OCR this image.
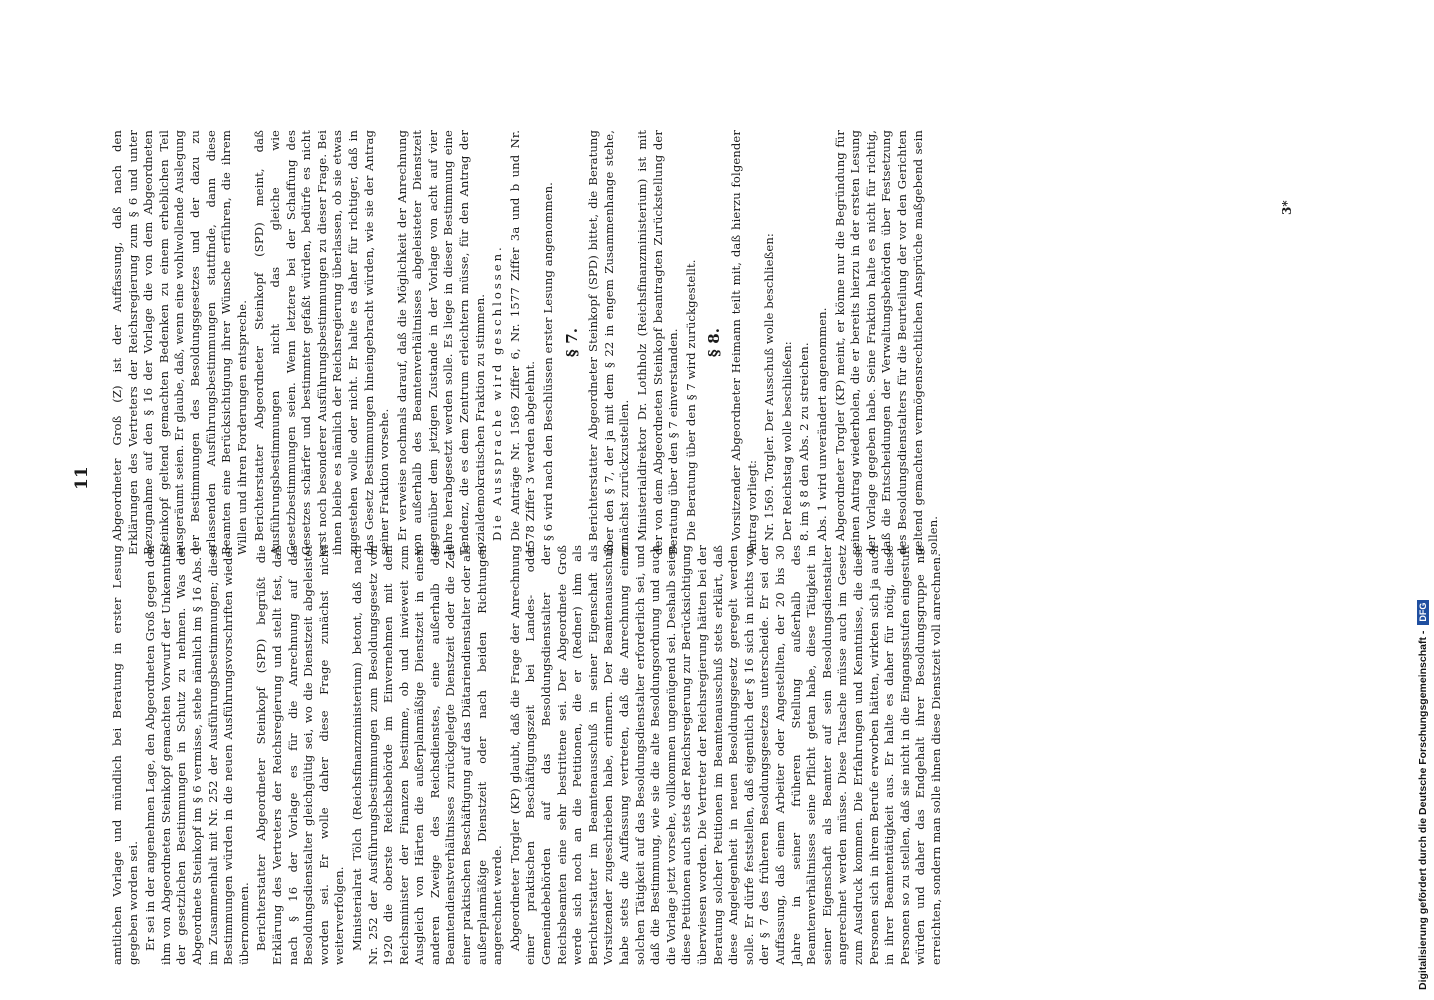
amtlichen Vorlage und mündlich bei Beratung in erster Lesung gegeben worden sei. Er sei in der angenehmen Lage, den Abgeordneten Groß gegen den ihm von Abgeordneten Steinkopf gemachten Vorwurf der Unkenntnis der gesetzlichen Bestimmungen in Schutz zu nehmen. Was der Abgeordnete Steinkopf im § 6 vermisse, stehe nämlich im § 16 Abs. 1 im Zusammenhalt mit Nr. 252 der Ausführungsbestimmungen; diese Bestimmungen würden in die neuen Ausführungsvorschriften wieder übernommen. Berichterstatter Abgeordneter Steinkopf (SPD) begrüßt die Erklärung des Vertreters der Reichsregierung und stellt fest, daß nach § 16 der Vorlage es für die Anrechnung auf das Besoldungsdienstalter gleichgültig sei, wo die Dienstzeit abgeleistet worden sei. Er wolle daher diese Frage zunächst nicht weiterverfolgen. Ministerialrat Tölch (Reichsfinanzministerium) betont, daß nach Nr. 252 der Ausführungsbestimmungen zum Besoldungsgesetz von 1920 die oberste Reichsbehörde im Einvernehmen mit dem Reichsminister der Finanzen bestimme, ob und inwieweit zum Ausgleich von Härten die außerplanmäßige Dienstzeit in einem anderen Zweige des Reichsdienstes, eine außerhalb des Beamtendienstverhältnisses zurückgelegte Dienstzeit oder die Zeit einer praktischen Beschäftigung auf das Diätariendienstalter oder als außerplanmäßige Dienstzeit oder nach beiden Richtungen angerechnet werde. Abgeordneter Torgler (KP) glaubt, daß die Frage der Anrechnung einer praktischen Beschäftigungszeit bei Landes- oder Gemeindebehörden auf das Besoldungsdienstalter der Reichsbeamten eine sehr bestrittene sei. Der Abgeordnete Groß werde sich noch an die Petitionen, die er (Redner) ihm als Berichterstatter im Beamtenausschuß in seiner Eigenschaft als Vorsitzender zugeschrieben habe, erinnern. Der Beamtenausschuß habe stets die Auffassung vertreten, daß die Anrechnung einer solchen Tätigkeit auf das Besoldungsdienstalter erforderlich sei, und daß die Bestimmung, wie sie die alte Besoldungsordnung und auch die Vorlage jetzt vorsehe, vollkommen ungenügend sei. Deshalb seien diese Petitionen auch stets der Reichsregierung zur Berücksichtigung überwiesen worden. Die Vertreter der Reichsregierung hätten bei der Beratung solcher Petitionen im Beamtenausschuß stets erklärt, daß diese Angelegenheit in neuen Besoldungsgesetz geregelt werden solle. Er dürfe feststellen, daß eigentlich der § 16 sich in nichts von der § 7 des früheren Besoldungsgesetzes unterscheide. Er sei der Auffassung, daß einem Arbeiter oder Angestellten, der 20 bis 30 Jahre in seiner früheren Stellung außerhalb des Beamtenverhältnisses seine Pflicht getan habe, diese Tätigkeit in seiner Eigenschaft als Beamter auf sein Besoldungsdienstalter angerechnet werden müsse. Diese Tatsache müsse auch im Gesetz zum Ausdruck kommen. Die Erfahrungen und Kenntnisse, die diese Personen sich in ihrem Berufe erworben hätten, wirkten sich ja auch in ihrer Beamtentätigkeit aus. Er halte es daher für nötig, diese Personen so zu stellen, daß sie nicht in die Eingangsstufen eingestuft würden und daher das Endgehalt ihrer Besoldungsgruppe nie erreichten, sondern man solle ihnen diese Dienstzeit voll anrechnen.

Abgeordneter Groß (Z) ist der Auffassung, daß nach den Erklärungen des Vertreters der Reichsregierung zum § 6 und unter Bezugnahme auf den § 16 der Vorlage die von dem Abgeordneten Steinkopf geltend gemachten Bedenken zu einem erheblichen Teil ausgeräumt seien. Er glaube, daß, wenn eine wohlwollende Auslegung der Bestimmungen des Besoldungsgesetzes und der dazu zu erlassenden Ausführungsbestimmungen stattfinde, dann diese Beamten eine Berücksichtigung ihrer Wünsche erführen, die ihrem Willen und ihren Forderungen entspreche. Berichterstatter Abgeordneter Steinkopf (SPD) meint, daß Ausführungsbestimmungen nicht das gleiche wie Gesetzbestimmungen seien. Wenn letztere bei der Schaffung des Gesetzes schärfer und bestimmter gefaßt würden, bedürfe es nicht erst noch besonderer Ausführungsbestimmungen zu dieser Frage. Bei ihnen bleibe es nämlich der Reichsregierung überlassen, ob sie etwas zugestehen wolle oder nicht. Er halte es daher für richtiger, daß in das Gesetz Bestimmungen hineingebracht würden, wie sie der Antrag seiner Fraktion vorsehe. Er verweise nochmals darauf, daß die Möglichkeit der Anrechnung von außerhalb des Beamtenverhältnisses abgeleisteter Dienstzeit gegenüber dem jetzigen Zustande in der Vorlage von acht auf vier Jahre herabgesetzt werden solle. Es liege in dieser Bestimmung eine Tendenz, die es dem Zentrum erleichtern müsse, für den Antrag der sozialdemokratischen Fraktion zu stimmen. Die Aussprache wird geschlossen. Die Anträge Nr. 1569 Ziffer 6, Nr. 1577 Ziffer 3a und b und Nr. 1578 Ziffer 3 werden abgelehnt. § 6 wird nach den Beschlüssen erster Lesung angenommen. § 7. Berichterstatter Abgeordneter Steinkopf (SPD) bittet, die Beratung über den § 7, der ja mit dem § 22 in engem Zusammenhange stehe, zunächst zurückzustellen. Ministerialdirektor Dr. Lothholz (Reichsfinanzministerium) ist mit der von dem Abgeordneten Steinkopf beantragten Zurückstellung der Beratung über den § 7 einverstanden. Die Beratung über den § 7 wird zurückgestellt. § 8. Vorsitzender Abgeordneter Heimann teilt mit, daß hierzu folgender Antrag vorliegt: Nr. 1569. Torgler. Der Ausschuß wolle beschließen: Der Reichstag wolle beschließen: 8. im § 8 den Abs. 2 zu streichen. Abs. 1 wird unverändert angenommen. Abgeordneter Torgler (KP) meint, er könne nur die Begründung für seinen Antrag wiederholen, die er bereits hierzu in der ersten Lesung der Vorlage gegeben habe. Seine Fraktion halte es nicht für richtig, daß die Entscheidungen der Verwaltungsbehörden über Festsetzung des Besoldungsdienstalters für die Beurteilung der vor den Gerichten geltend gemachten vermögensrechtlichen Ansprüche maßgebend sein sollen.

11
3*
Digitalisierung gefördert durch die Deutsche Forschungsgemeinschaft -
DFG
